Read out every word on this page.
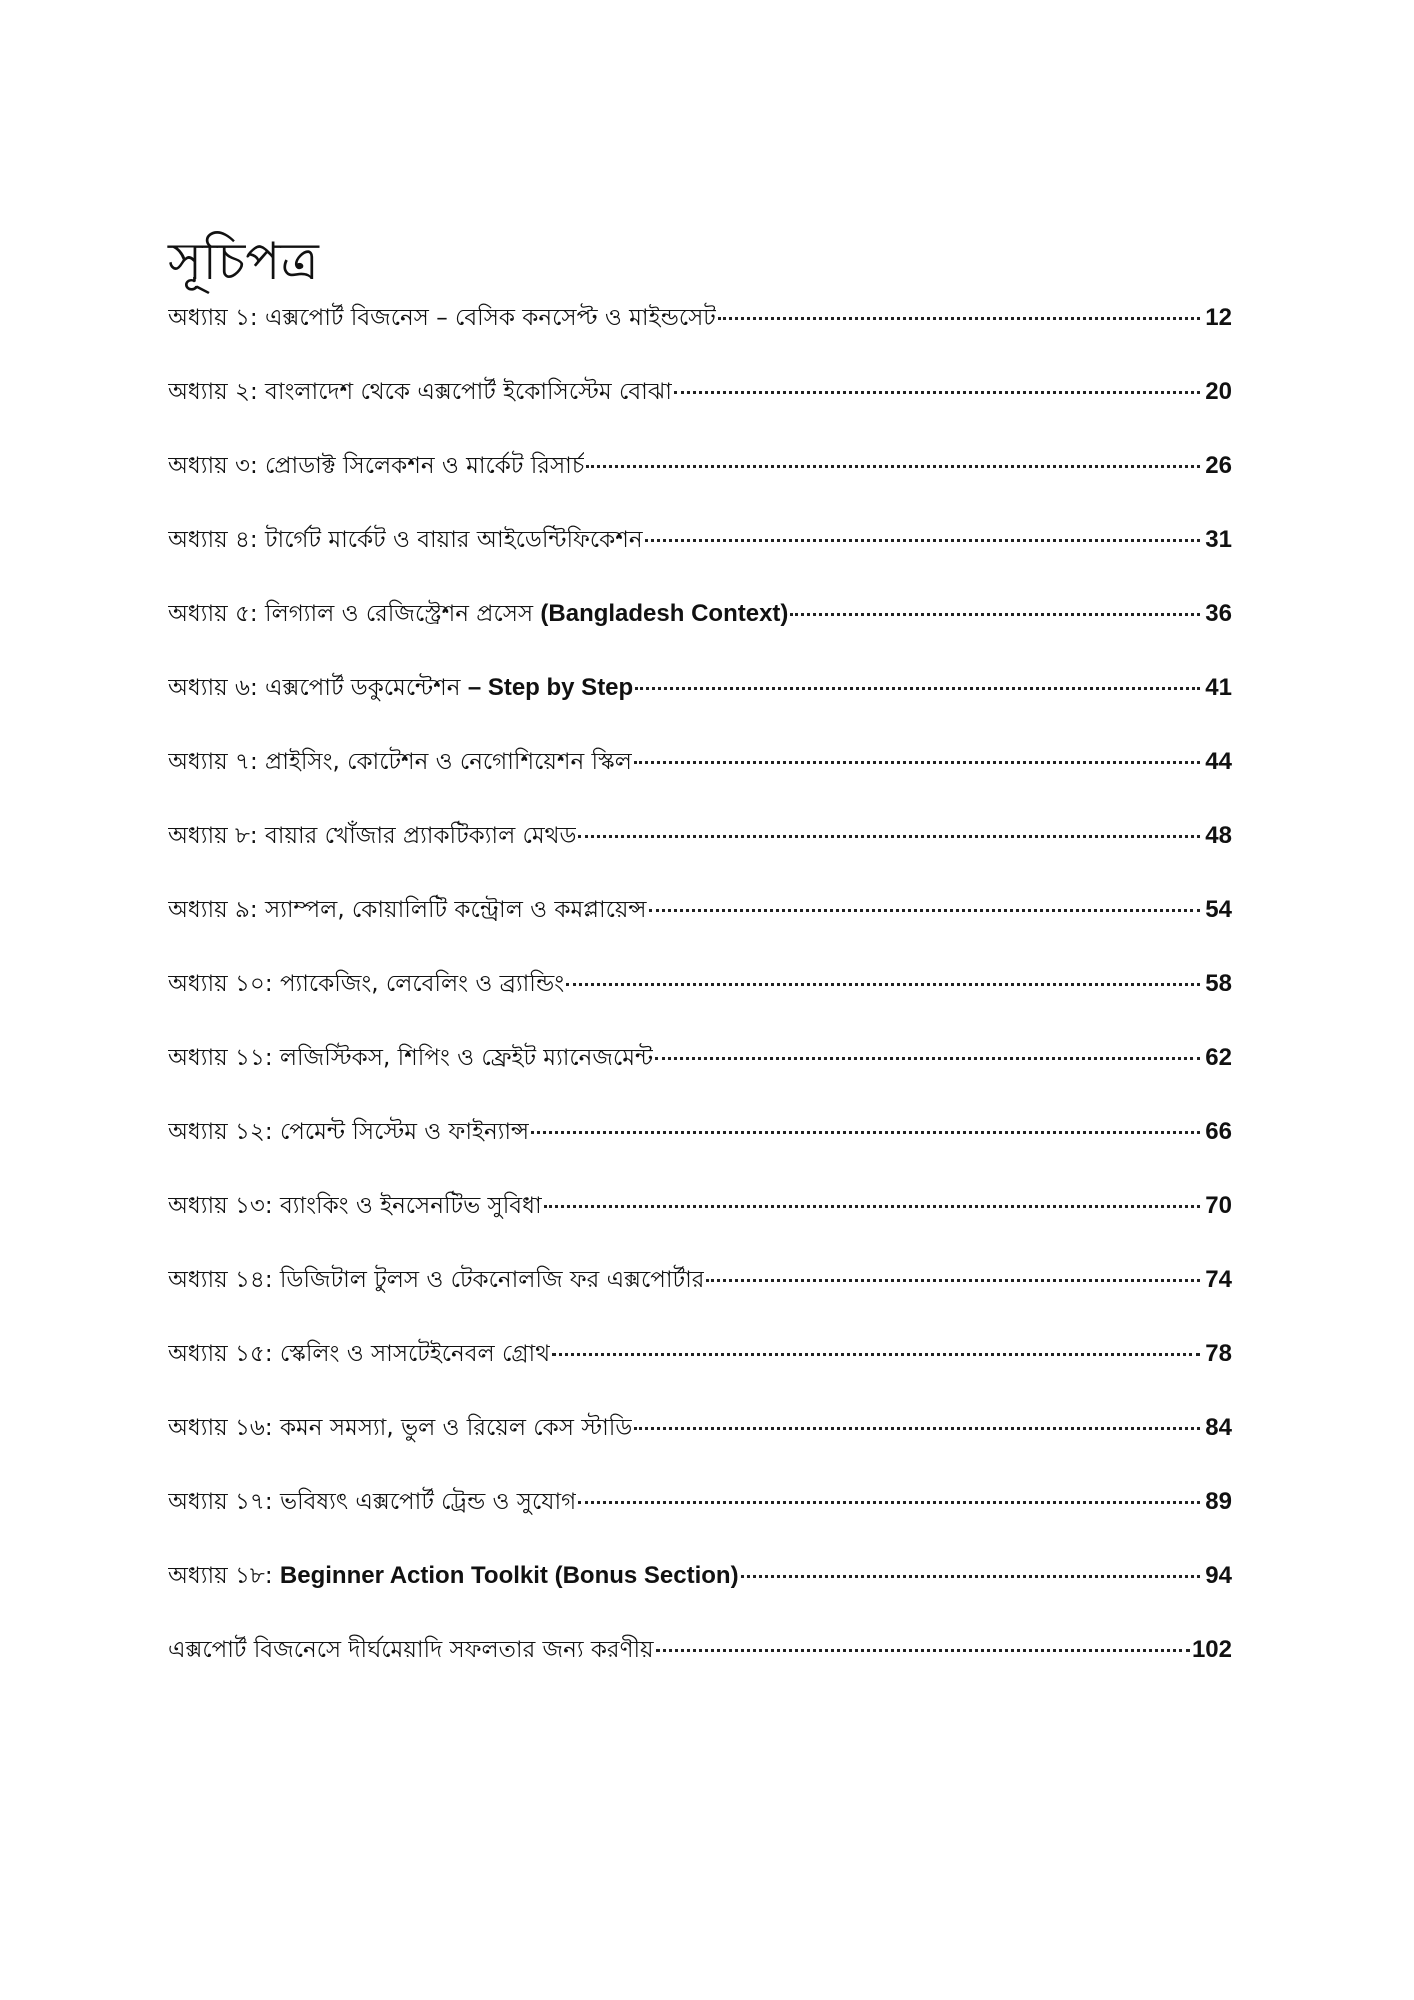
সূচিপত্র
অধ্যায় ১: এক্সপোর্ট বিজনেস – বেসিক কনসেপ্ট ও মাইন্ডসেট	12
অধ্যায় ২: বাংলাদেশ থেকে এক্সপোর্ট ইকোসিস্টেম বোঝা	20
অধ্যায় ৩: প্রোডাক্ট সিলেকশন ও মার্কেট রিসার্চ	26
অধ্যায় ৪: টার্গেট মার্কেট ও বায়ার আইডেন্টিফিকেশন	31
অধ্যায় ৫: লিগ্যাল ও রেজিস্ট্রেশন প্রসেস (Bangladesh Context)	36
অধ্যায় ৬: এক্সপোর্ট ডকুমেন্টেশন – Step by Step	41
অধ্যায় ৭: প্রাইসিং, কোটেশন ও নেগোশিয়েশন স্কিল	44
অধ্যায় ৮: বায়ার খোঁজার প্র্যাকটিক্যাল মেথড	48
অধ্যায় ৯: স্যাম্পল, কোয়ালিটি কন্ট্রোল ও কমপ্লায়েন্স	54
অধ্যায় ১০: প্যাকেজিং, লেবেলিং ও ব্র্যান্ডিং	58
অধ্যায় ১১: লজিস্টিকস, শিপিং ও ফ্রেইট ম্যানেজমেন্ট	62
অধ্যায় ১২: পেমেন্ট সিস্টেম ও ফাইন্যান্স	66
অধ্যায় ১৩: ব্যাংকিং ও ইনসেনটিভ সুবিধা	70
অধ্যায় ১৪: ডিজিটাল টুলস ও টেকনোলজি ফর এক্সপোর্টার	74
অধ্যায় ১৫: স্কেলিং ও সাসটেইনেবল গ্রোথ	78
অধ্যায় ১৬: কমন সমস্যা, ভুল ও রিয়েল কেস স্টাডি	84
অধ্যায় ১৭: ভবিষ্যৎ এক্সপোর্ট ট্রেন্ড ও সুযোগ	89
অধ্যায় ১৮: Beginner Action Toolkit (Bonus Section)	94
এক্সপোর্ট বিজনেসে দীর্ঘমেয়াদি সফলতার জন্য করণীয়	102
